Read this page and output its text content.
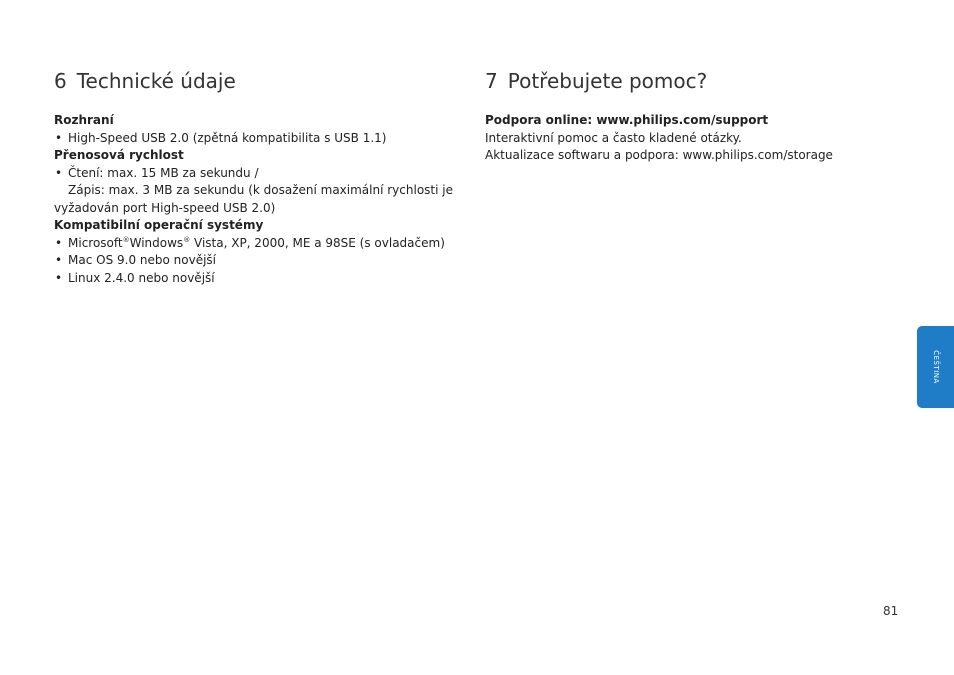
6 Technické údaje

Rozhraní

• High-Speed USB 2.0 (zpětná kompatibilita s USB 1.1)

Přenosová rychlost

• Čtení: max. 15 MB za sekundu /
Zápis: max. 3 MB za sekundu (k dosažení maximální rychlosti je
vyžadován port High-speed USB 2.0)

Kompatibilní operační systémy

• Microsoft®Windows® Vista, XP, 2000, ME a 98SE (s ovladačem)
• Mac OS 9.0 nebo novější
• Linux 2.4.0 nebo novější
7 Potřebujete pomoc?

Podpora online: www.philips.com/support

Interaktivní pomoc a často kladené otázky.

Aktualizace softwaru a podpora: www.philips.com/storage

ČEŠTINA
81
